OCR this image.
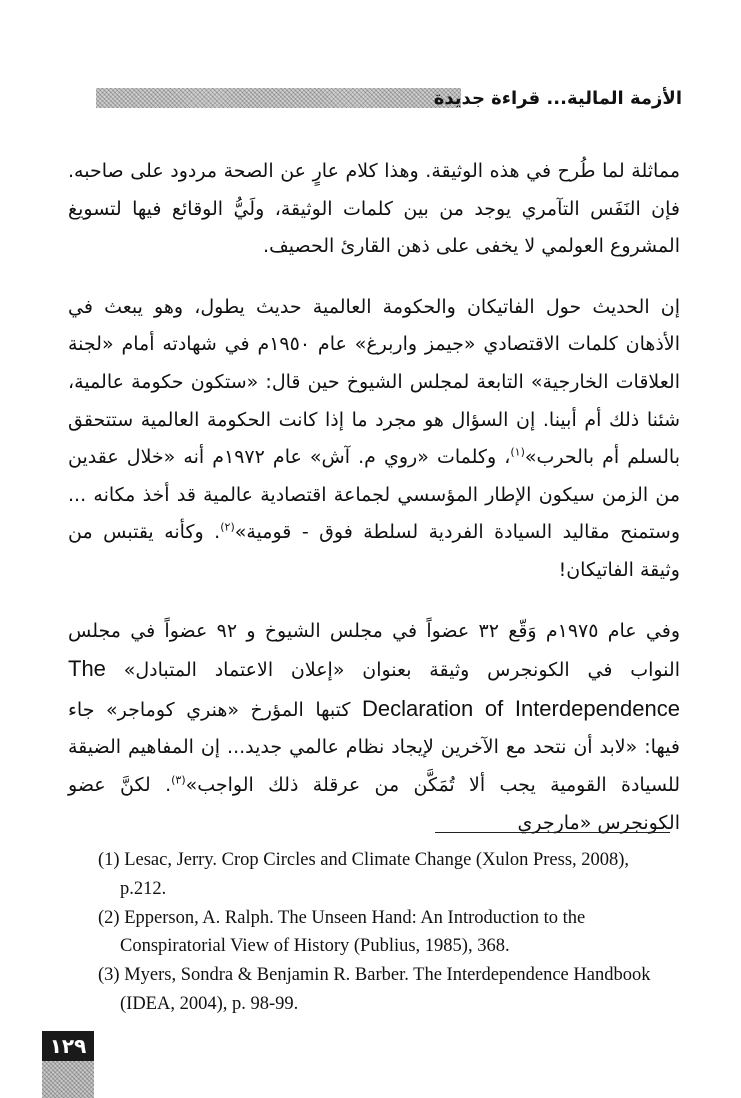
الأزمة المالية... قراءة جديدة

مماثلة لما طُرح في هذه الوثيقة. وهذا كلام عارٍ عن الصحة مردود على صاحبه. فإن النَفَس التآمري يوجد من بين كلمات الوثيقة، ولَيُّ الوقائع فيها لتسويغ المشروع العولمي لا يخفى على ذهن القارئ الحصيف.

إن الحديث حول الفاتيكان والحكومة العالمية حديث يطول، وهو يبعث في الأذهان كلمات الاقتصادي «جيمز واربرغ» عام ١٩٥٠م في شهادته أمام «لجنة العلاقات الخارجية» التابعة لمجلس الشيوخ حين قال: «ستكون حكومة عالمية، شئنا ذلك أم أبينا. إن السؤال هو مجرد ما إذا كانت الحكومة العالمية ستتحقق بالسلم أم بالحرب»$^{(١)}$، وكلمات «روي م. آش» عام ١٩٧٢م أنه «خلال عقدين من الزمن سيكون الإطار المؤسسي لجماعة اقتصادية عالمية قد أخذ مكانه ... وستمنح مقاليد السيادة الفردية لسلطة فوق - قومية»$^{(٢)}$. وكأنه يقتبس من وثيقة الفاتيكان!

وفي عام ١٩٧٥م وَقّع ٣٢ عضواً في مجلس الشيوخ و ٩٢ عضواً في مجلس النواب في الكونجرس وثيقة بعنوان «إعلان الاعتماد المتبادل» The Declaration of Interdependence كتبها المؤرخ «هنري كوماجر» جاء فيها: «لابد أن نتحد مع الآخرين لإيجاد نظام عالمي جديد... إن المفاهيم الضيقة للسيادة القومية يجب ألا تُمَكَّن من عرقلة ذلك الواجب»$^{(٣)}$. لكنَّ عضو الكونجرس «مارجري

(1) Lesac, Jerry. Crop Circles and Climate Change (Xulon Press, 2008), p.212.
(2) Epperson, A. Ralph. The Unseen Hand: An Introduction to the Conspiratorial View of History (Publius, 1985), 368.
(3) Myers, Sondra & Benjamin R. Barber. The Interdependence Handbook (IDEA, 2004), p. 98-99.
١٢٩
